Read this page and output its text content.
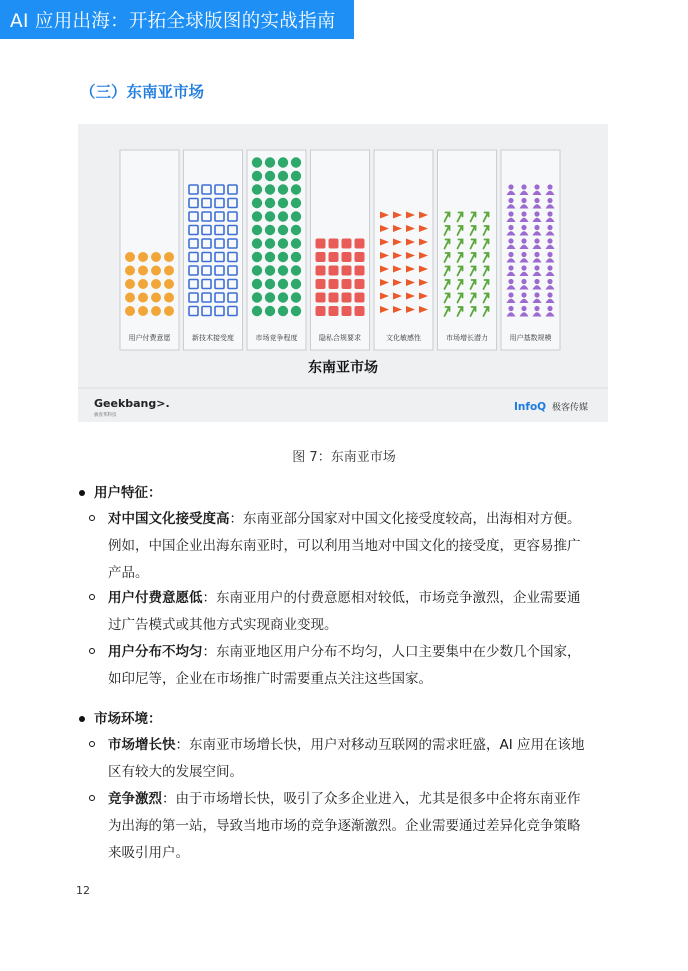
AI 应用出海：开拓全球版图的实战指南
（三）东南亚市场
用户付费意愿	新技术接受度	市场竞争程度	隐私合规要求	文化敏感性	市场增长潜力	用户基数规模
东南亚市场
Geekbang>.
极客邦科技
InfoQ 极客传媒
图 7：东南亚市场
用户特征：
对中国文化接受度高：东南亚部分国家对中国文化接受度较高，出海相对方便。
例如，中国企业出海东南亚时，可以利用当地对中国文化的接受度，更容易推广
产品。
用户付费意愿低：东南亚用户的付费意愿相对较低，市场竞争激烈，企业需要通
过广告模式或其他方式实现商业变现。
用户分布不均匀：东南亚地区用户分布不均匀，人口主要集中在少数几个国家，
如印尼等，企业在市场推广时需要重点关注这些国家。
市场环境：
市场增长快：东南亚市场增长快，用户对移动互联网的需求旺盛，AI 应用在该地
区有较大的发展空间。
竞争激烈：由于市场增长快，吸引了众多企业进入，尤其是很多中企将东南亚作
为出海的第一站，导致当地市场的竞争逐渐激烈。企业需要通过差异化竞争策略
来吸引用户。
12
